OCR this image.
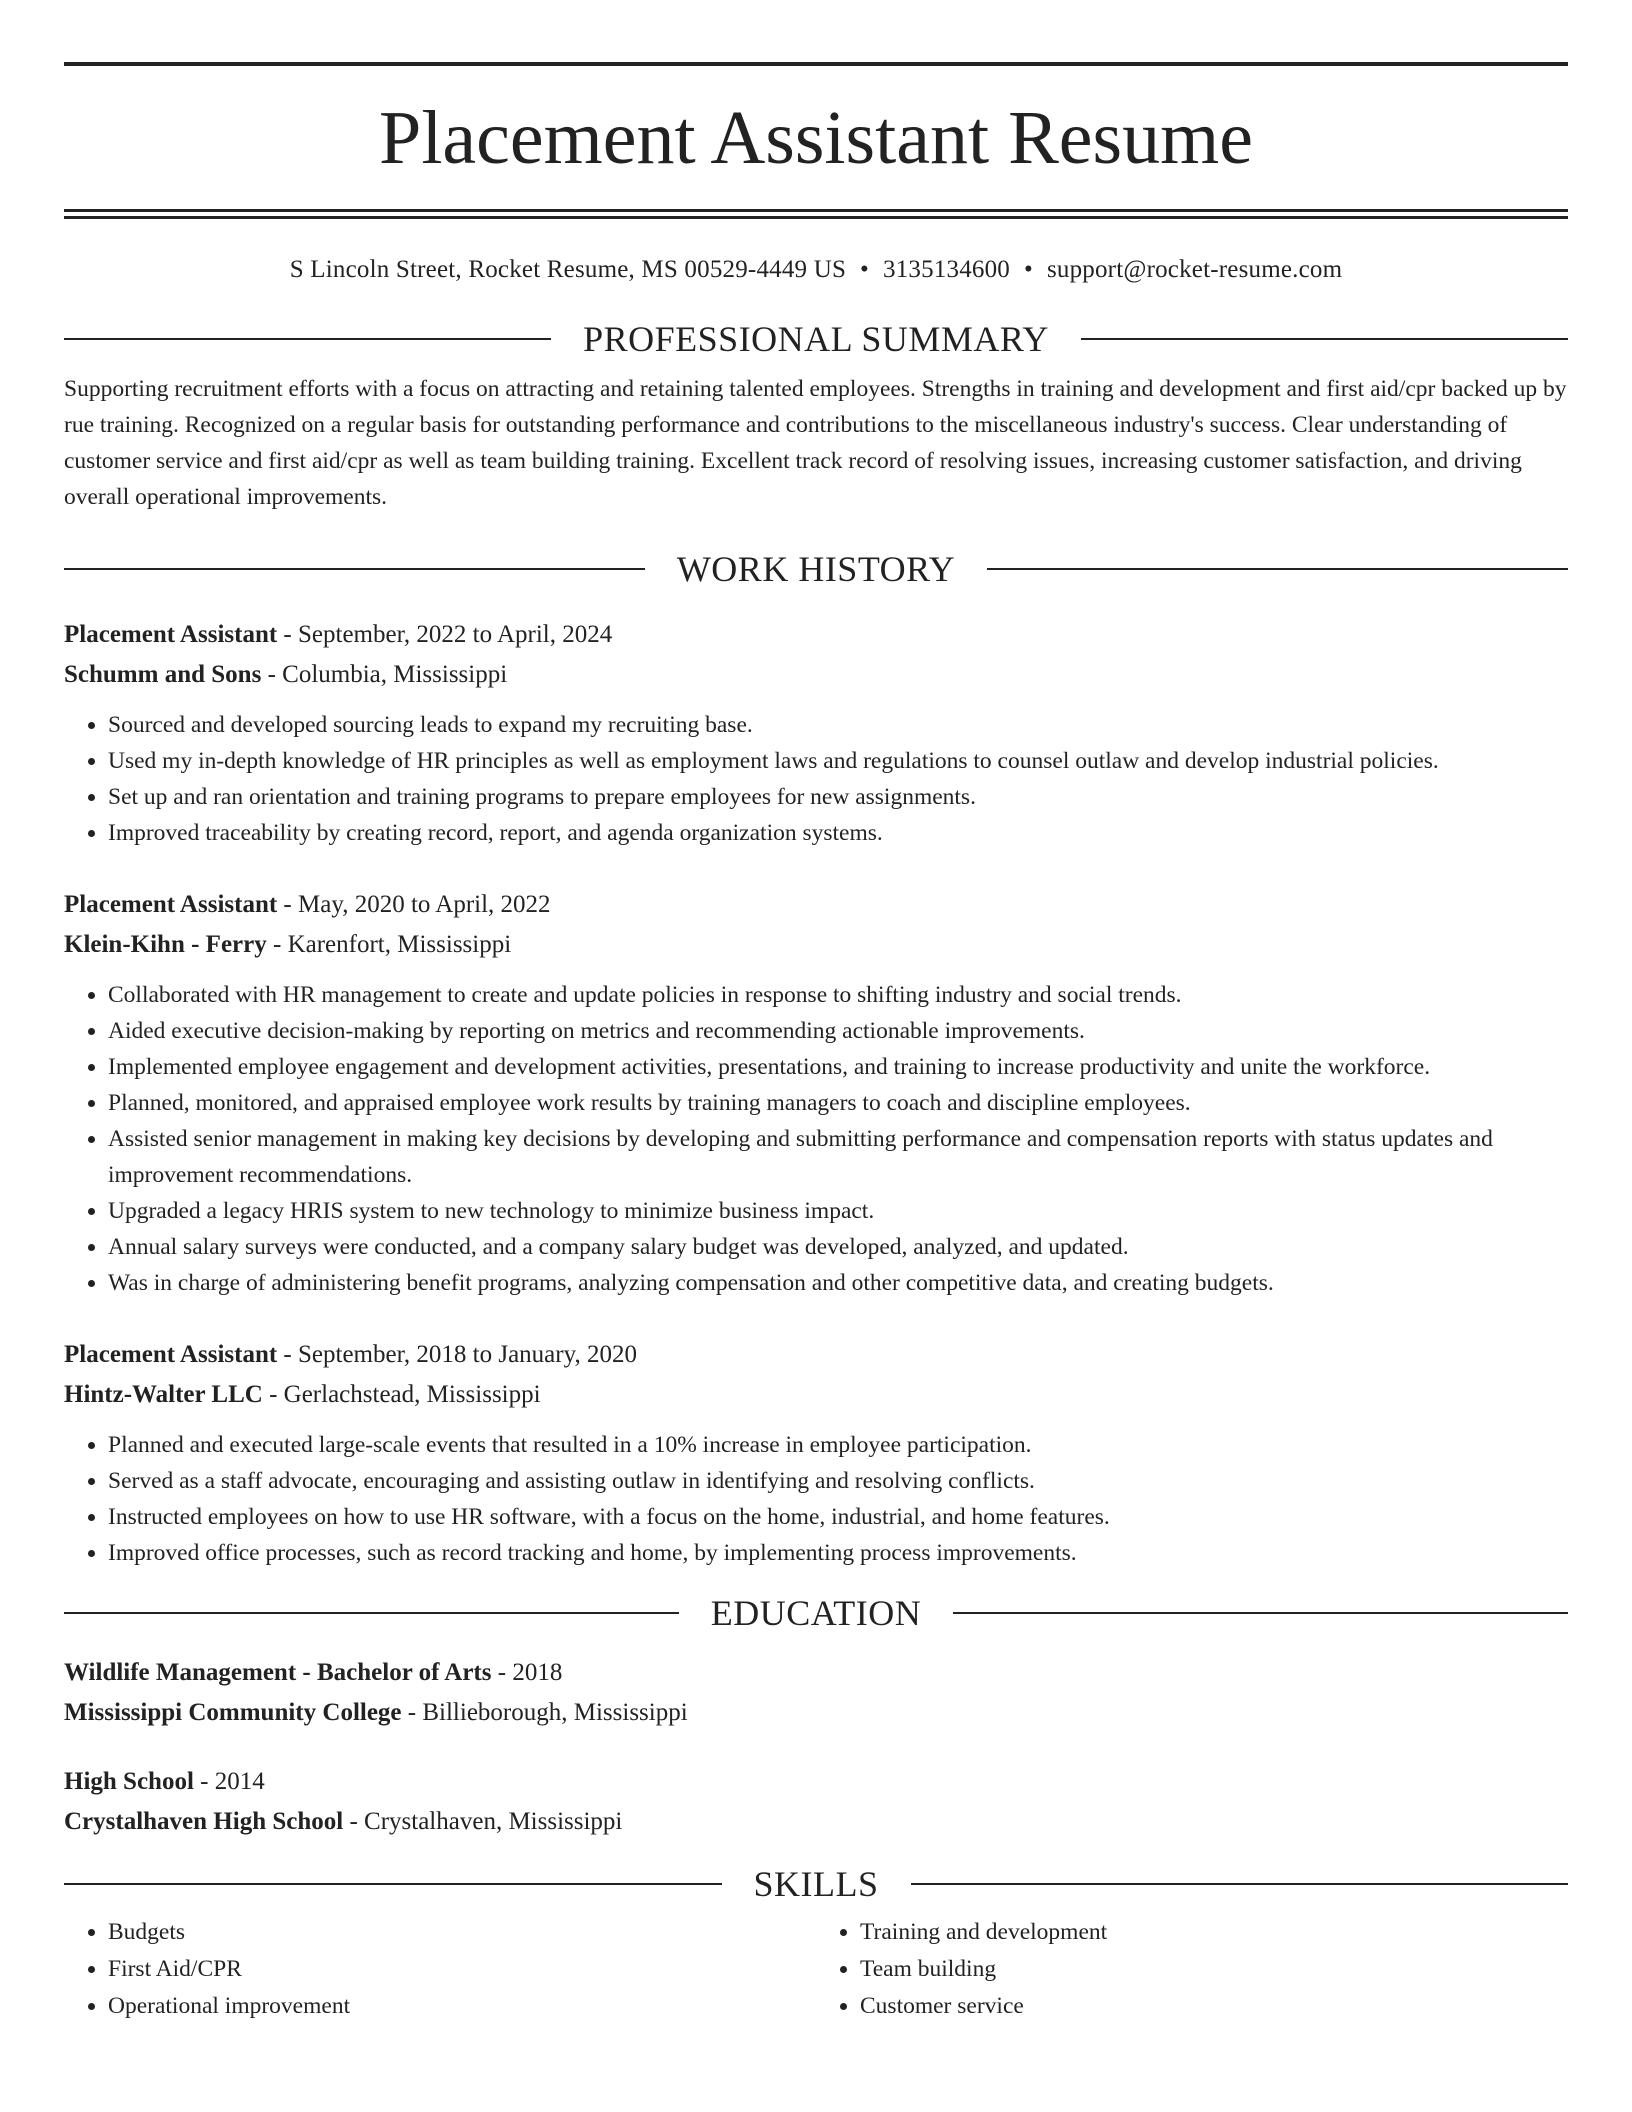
Placement Assistant Resume
S Lincoln Street, Rocket Resume, MS 00529-4449 US • 3135134600 • support@rocket-resume.com
PROFESSIONAL SUMMARY
Supporting recruitment efforts with a focus on attracting and retaining talented employees. Strengths in training and development and first aid/cpr backed up by rue training. Recognized on a regular basis for outstanding performance and contributions to the miscellaneous industry's success. Clear understanding of customer service and first aid/cpr as well as team building training. Excellent track record of resolving issues, increasing customer satisfaction, and driving overall operational improvements.
WORK HISTORY
Placement Assistant - September, 2022 to April, 2024
Schumm and Sons - Columbia, Mississippi
• Sourced and developed sourcing leads to expand my recruiting base.
• Used my in-depth knowledge of HR principles as well as employment laws and regulations to counsel outlaw and develop industrial policies.
• Set up and ran orientation and training programs to prepare employees for new assignments.
• Improved traceability by creating record, report, and agenda organization systems.
Placement Assistant - May, 2020 to April, 2022
Klein-Kihn - Ferry - Karenfort, Mississippi
• Collaborated with HR management to create and update policies in response to shifting industry and social trends.
• Aided executive decision-making by reporting on metrics and recommending actionable improvements.
• Implemented employee engagement and development activities, presentations, and training to increase productivity and unite the workforce.
• Planned, monitored, and appraised employee work results by training managers to coach and discipline employees.
• Assisted senior management in making key decisions by developing and submitting performance and compensation reports with status updates and improvement recommendations.
• Upgraded a legacy HRIS system to new technology to minimize business impact.
• Annual salary surveys were conducted, and a company salary budget was developed, analyzed, and updated.
• Was in charge of administering benefit programs, analyzing compensation and other competitive data, and creating budgets.
Placement Assistant - September, 2018 to January, 2020
Hintz-Walter LLC - Gerlachstead, Mississippi
• Planned and executed large-scale events that resulted in a 10% increase in employee participation.
• Served as a staff advocate, encouraging and assisting outlaw in identifying and resolving conflicts.
• Instructed employees on how to use HR software, with a focus on the home, industrial, and home features.
• Improved office processes, such as record tracking and home, by implementing process improvements.
EDUCATION
Wildlife Management - Bachelor of Arts - 2018
Mississippi Community College - Billieborough, Mississippi
High School - 2014
Crystalhaven High School - Crystalhaven, Mississippi
SKILLS
• Budgets
• First Aid/CPR
• Operational improvement
• Training and development
• Team building
• Customer service
